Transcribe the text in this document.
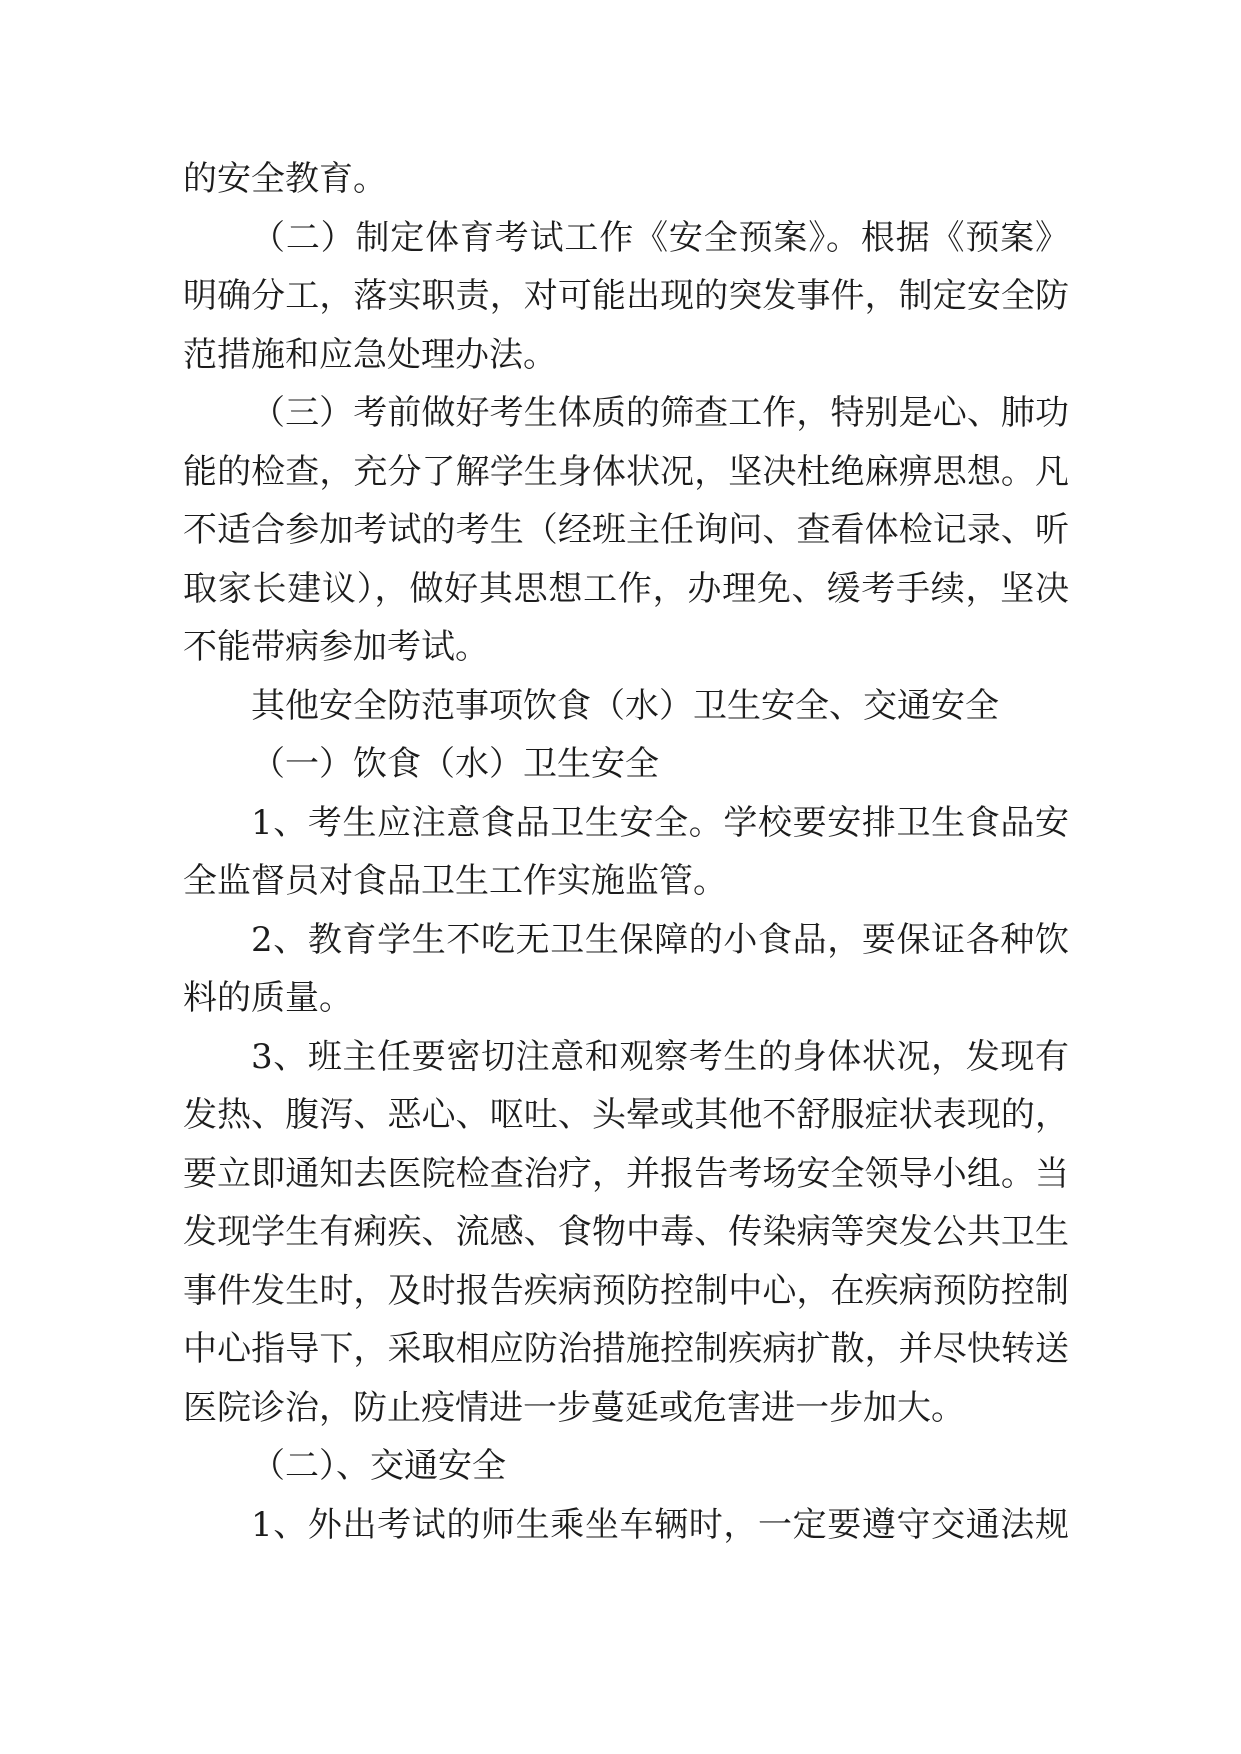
的安全教育。
（二）制定体育考试工作《安全预案》。根据《预案》
明确分工，落实职责，对可能出现的突发事件，制定安全防
范措施和应急处理办法。
（三）考前做好考生体质的筛查工作，特别是心、肺功
能的检查，充分了解学生身体状况，坚决杜绝麻痹思想。凡
不适合参加考试的考生（经班主任询问、查看体检记录、听
取家长建议），做好其思想工作，办理免、缓考手续，坚决
不能带病参加考试。
其他安全防范事项饮食（水）卫生安全、交通安全
（一）饮食（水）卫生安全
1、考生应注意食品卫生安全。学校要安排卫生食品安
全监督员对食品卫生工作实施监管。
2、教育学生不吃无卫生保障的小食品，要保证各种饮
料的质量。
3、班主任要密切注意和观察考生的身体状况，发现有
发热、腹泻、恶心、呕吐、头晕或其他不舒服症状表现的，
要立即通知去医院检查治疗，并报告考场安全领导小组。当
发现学生有痢疾、流感、食物中毒、传染病等突发公共卫生
事件发生时，及时报告疾病预防控制中心，在疾病预防控制
中心指导下，采取相应防治措施控制疾病扩散，并尽快转送
医院诊治，防止疫情进一步蔓延或危害进一步加大。
（二）、交通安全
1、外出考试的师生乘坐车辆时，一定要遵守交通法规
